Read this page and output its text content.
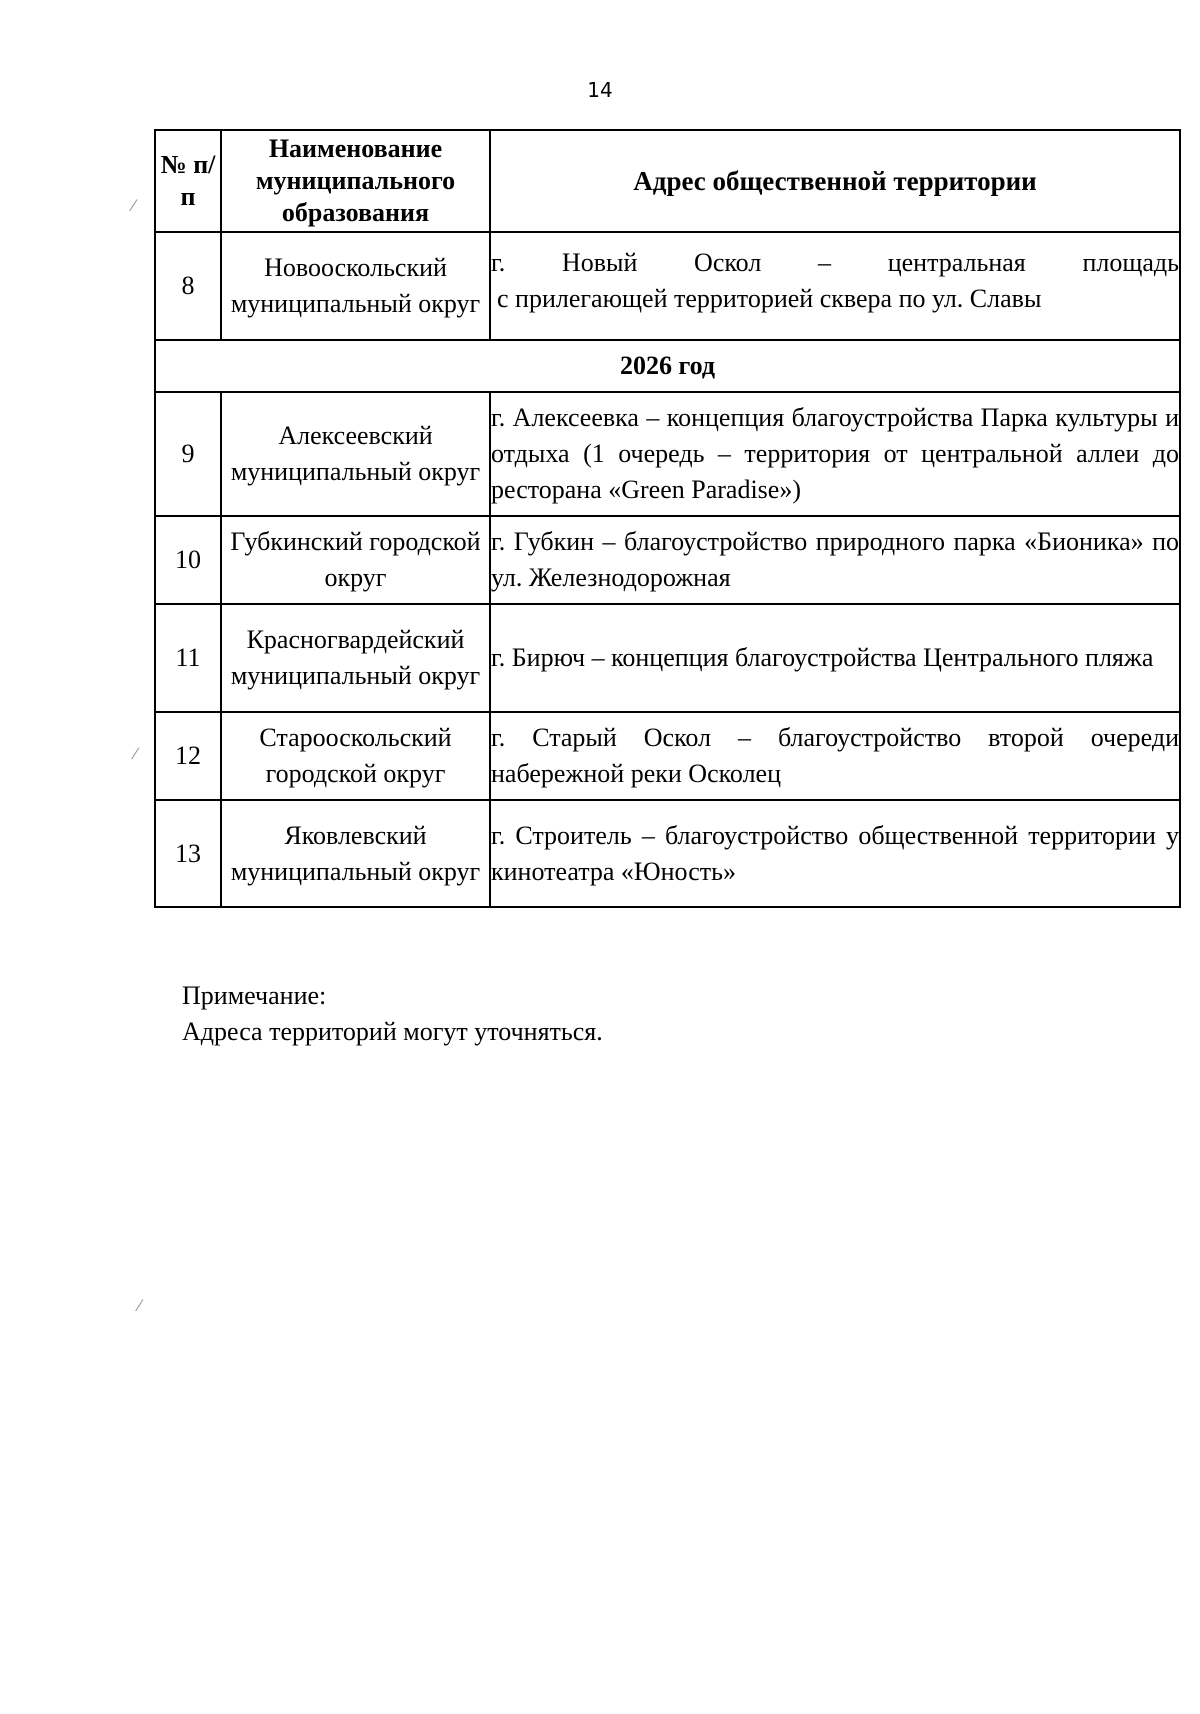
14
№ п/п	Наименование муниципального образования	Адрес общественной территории
8	Новооскольский муниципальный округ	г. Новый Оскол – центральная площадь
с прилегающей территорией сквера по ул. Славы

2026 год		
9	Алексеевский муниципальный округ	г. Алексеевка – концепция благоустройства Парка культуры и отдыха (1 очередь – территория от центральной аллеи до ресторана «Green Paradise»)
10	Губкинский городской округ	г. Губкин – благоустройство природного парка «Бионика» по ул. Железнодорожная
11	Красногвардейский муниципальный округ	г. Бирюч – концепция благоустройства Центрального пляжа
12	Старооскольский городской округ	г. Старый Оскол – благоустройство второй очереди набережной реки Осколец
13	Яковлевский муниципальный округ	г. Строитель – благоустройство общественной территории у кинотеатра «Юность»
Примечание:
Адреса территорий могут уточняться.
⁄
⁄
⁄
